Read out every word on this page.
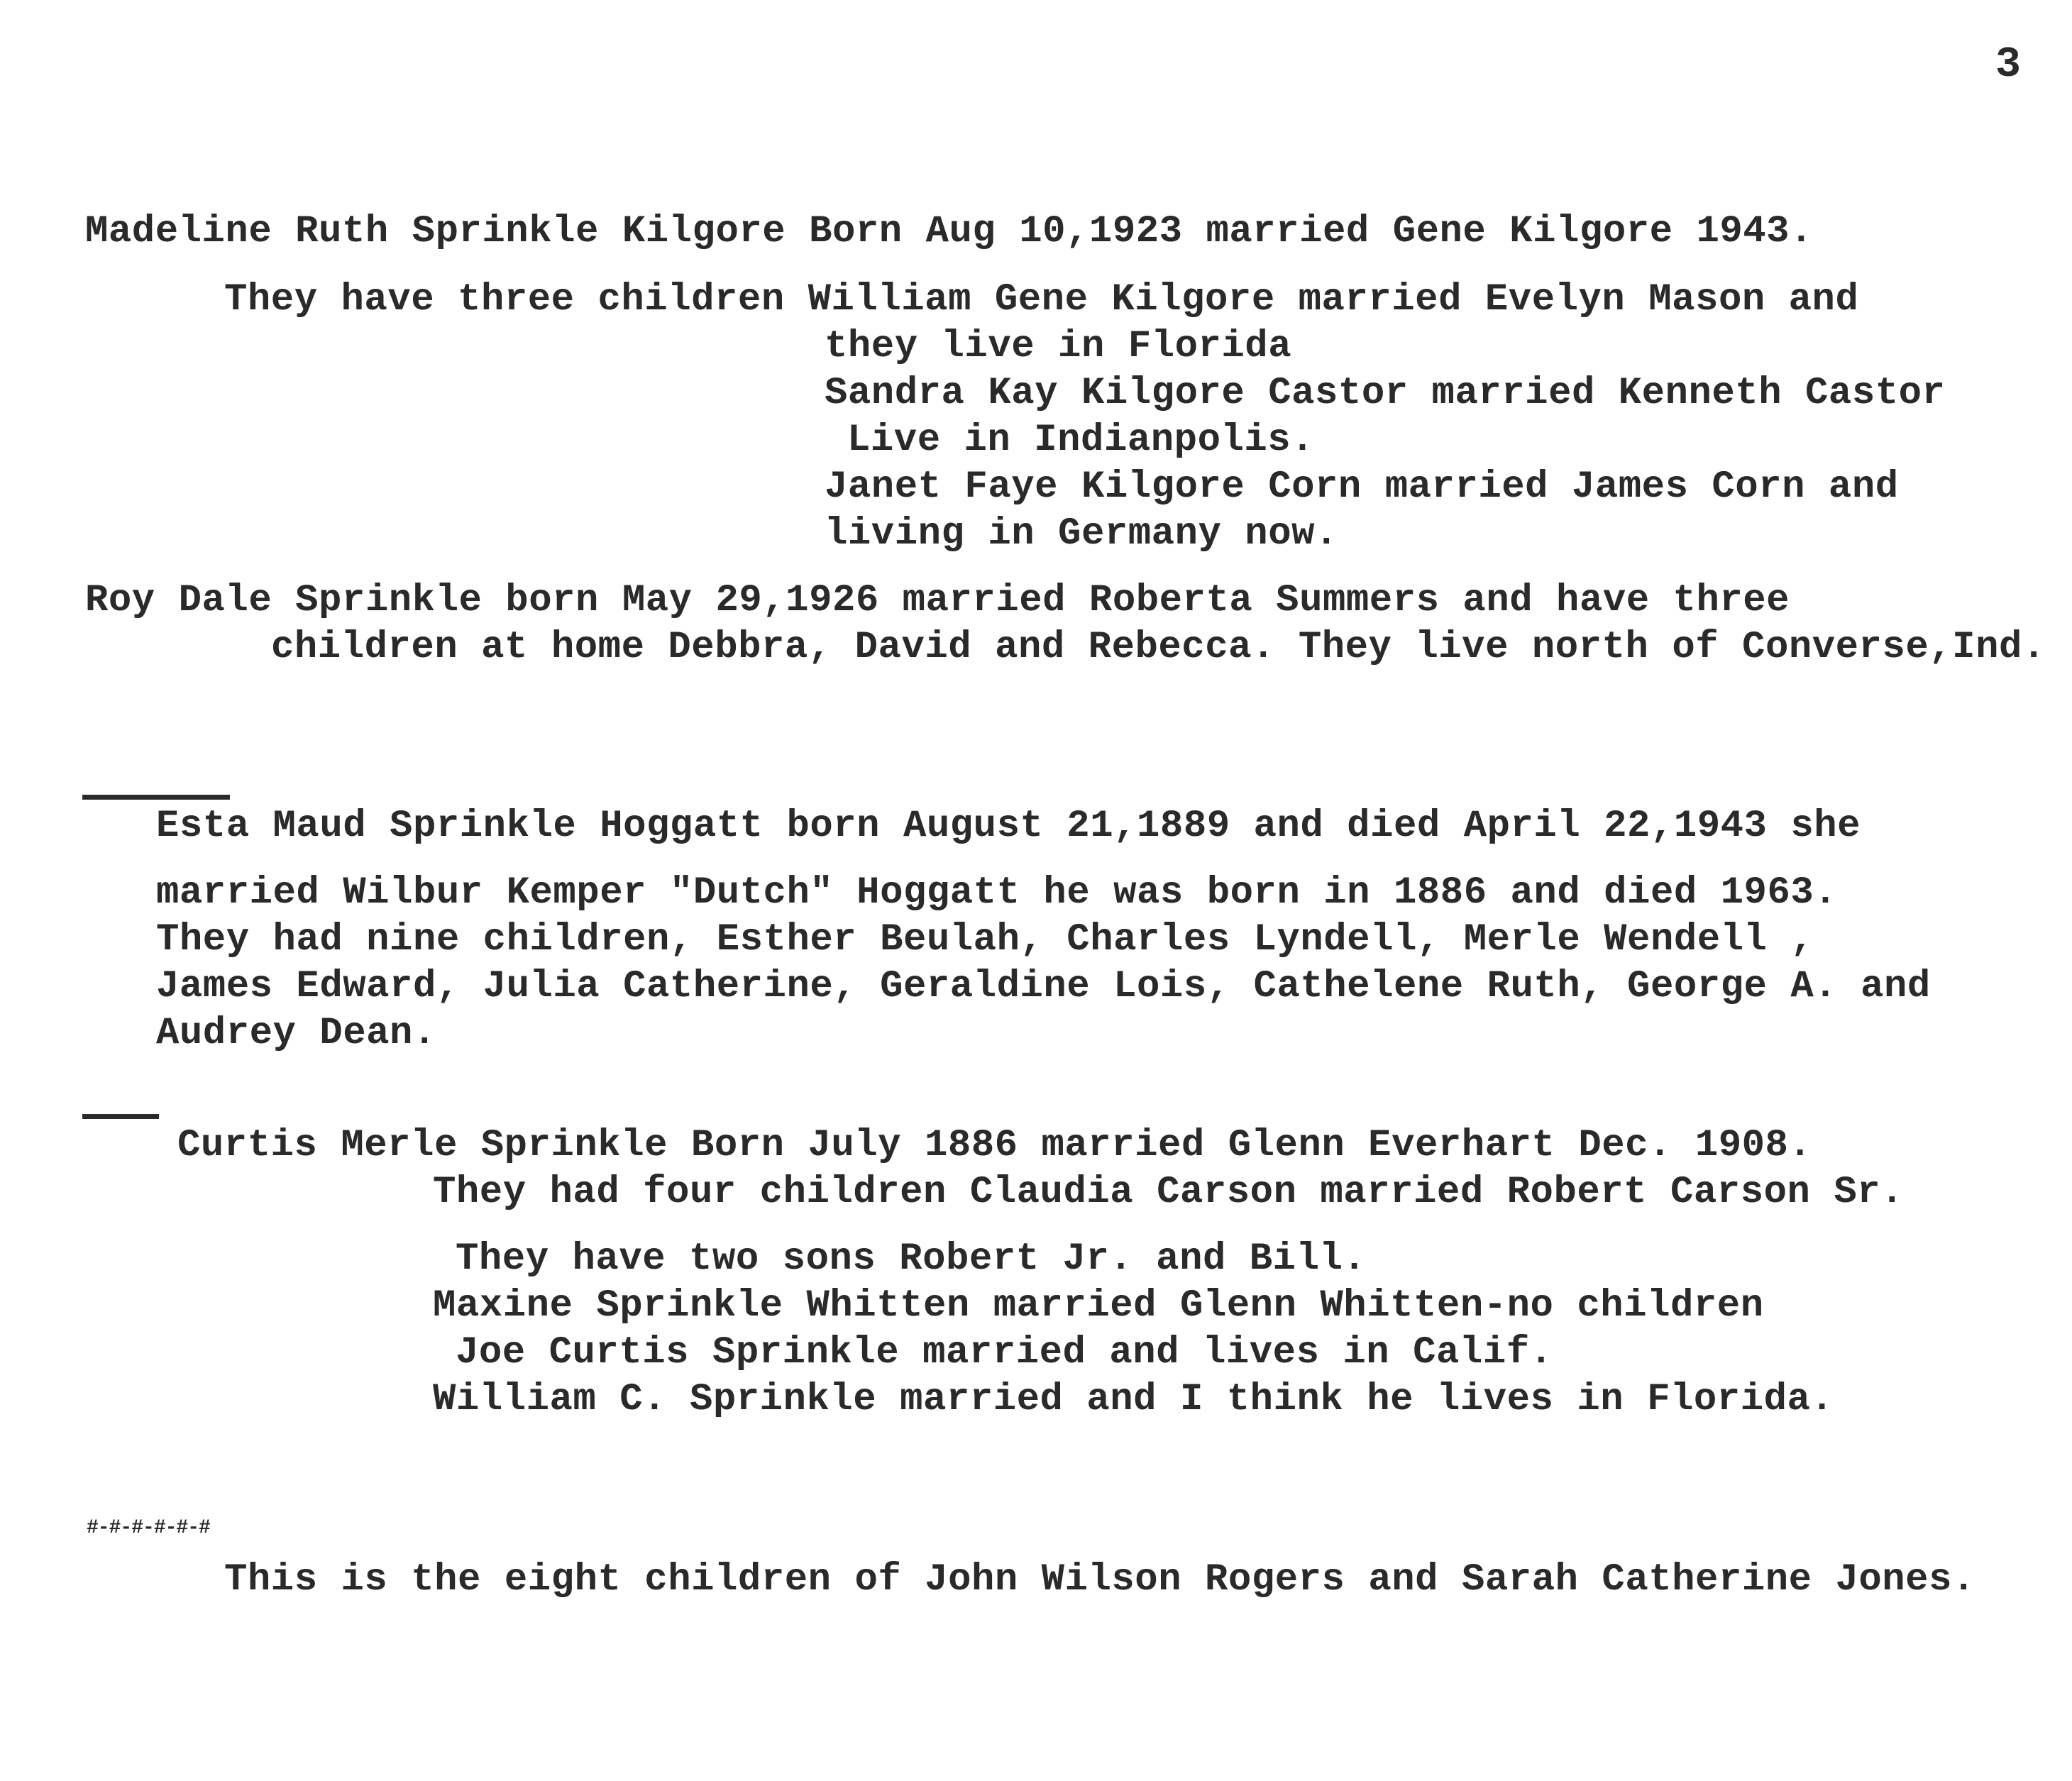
3
Madeline Ruth Sprinkle Kilgore Born Aug 10,1923 married Gene Kilgore 1943.
They have three children William Gene Kilgore married Evelyn Mason and
they live in Florida
Sandra Kay Kilgore Castor married Kenneth Castor
Live in Indianpolis.
Janet Faye Kilgore Corn married James Corn and
living in Germany now.
Roy Dale Sprinkle born May 29,1926 married Roberta Summers and have three
children at home Debbra, David and Rebecca. They live north of Converse,Ind.
Esta Maud Sprinkle Hoggatt born August 21,1889 and died April 22,1943 she
married Wilbur Kemper "Dutch" Hoggatt he was born in 1886 and died 1963.
They had nine children, Esther Beulah, Charles Lyndell, Merle Wendell ,
James Edward, Julia Catherine, Geraldine Lois, Cathelene Ruth, George A. and
Audrey Dean.
Curtis Merle Sprinkle Born July 1886 married Glenn Everhart Dec. 1908.
They had four children Claudia Carson married Robert Carson Sr.
They have two sons Robert Jr. and Bill.
Maxine Sprinkle Whitten married Glenn Whitten-no children
Joe Curtis Sprinkle married and lives in Calif.
William C. Sprinkle married and I think he lives in Florida.
#-#-#-#-#-#
This is the eight children of John Wilson Rogers and Sarah Catherine Jones.
